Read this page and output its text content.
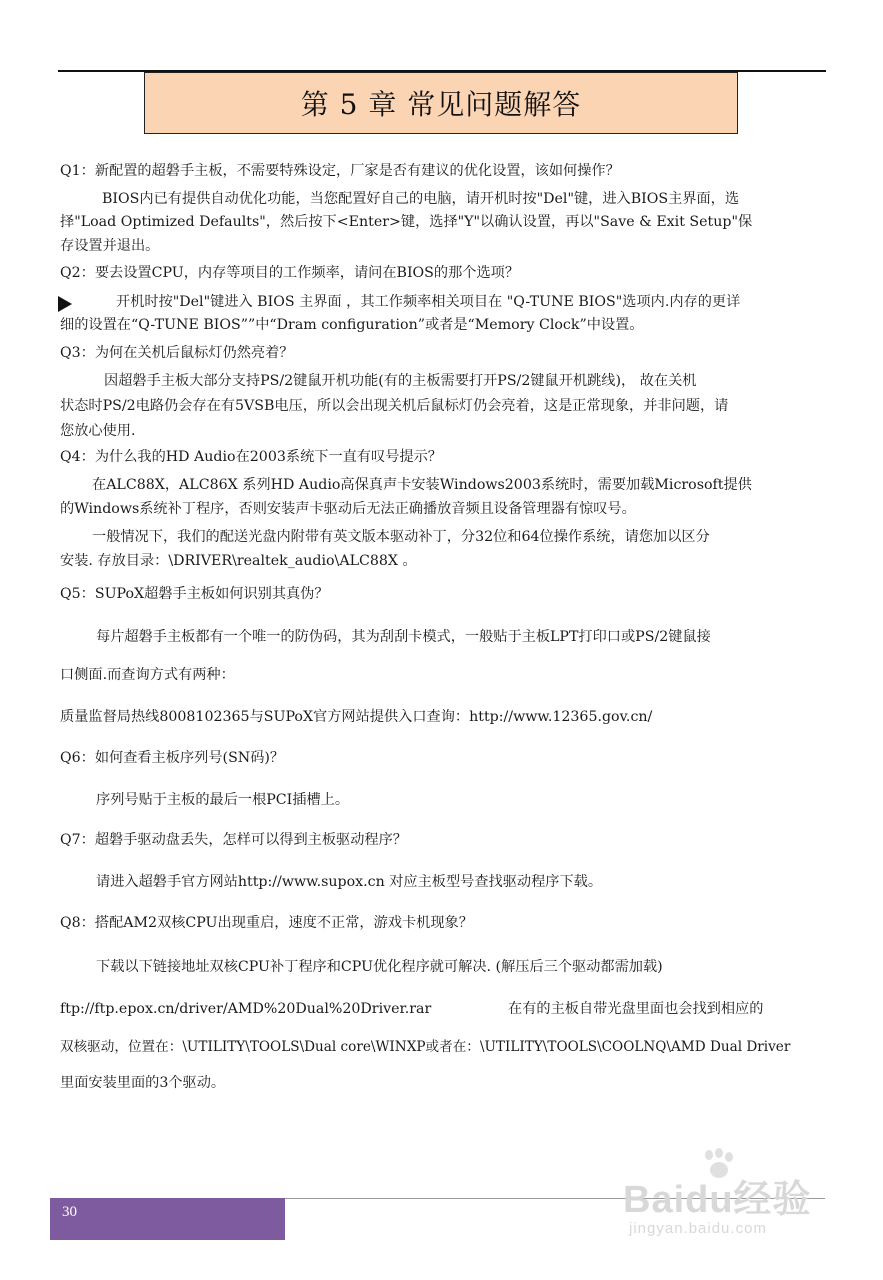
第 5 章 常见问题解答
Q1：新配置的超磐手主板，不需要特殊设定，厂家是否有建议的优化设置，该如何操作？
BIOS内已有提供自动优化功能，当您配置好自己的电脑，请开机时按"Del"键，进入BIOS主界面，选
择"Load Optimized Defaults"，然后按下<Enter>键，选择"Y"以确认设置，再以"Save & Exit Setup"保
存设置并退出。
Q2：要去设置CPU，内存等项目的工作频率，请问在BIOS的那个选项？
开机时按"Del"键进入 BIOS 主界面 ，其工作频率相关项目在 "Q-TUNE BIOS"选项内.内存的更详
细的设置在“Q-TUNE BIOS””中“Dram configuration”或者是“Memory Clock”中设置。
Q3：为何在关机后鼠标灯仍然亮着？
因超磐手主板大部分支持PS/2键鼠开机功能(有的主板需要打开PS/2键鼠开机跳线)， 故在关机
状态时PS/2电路仍会存在有5VSB电压，所以会出现关机后鼠标灯仍会亮着，这是正常现象，并非问题，请
您放心使用.
Q4：为什么我的HD Audio在2003系统下一直有叹号提示？
在ALC88X，ALC86X 系列HD Audio高保真声卡安装Windows2003系统时，需要加载Microsoft提供
的Windows系统补丁程序，否则安装声卡驱动后无法正确播放音频且设备管理器有惊叹号。
一般情况下，我们的配送光盘内附带有英文版本驱动补丁，分32位和64位操作系统，请您加以区分
安装. 存放目录：\DRIVER\realtek_audio\ALC88X 。
Q5：SUPoX超磐手主板如何识别其真伪？
每片超磐手主板都有一个唯一的防伪码，其为刮刮卡模式，一般贴于主板LPT打印口或PS/2键鼠接
口侧面.而查询方式有两种：
质量监督局热线8008102365与SUPoX官方网站提供入口查询：http://www.12365.gov.cn/
Q6：如何查看主板序列号(SN码)？
序列号贴于主板的最后一根PCI插槽上。
Q7：超磐手驱动盘丢失，怎样可以得到主板驱动程序？
请进入超磐手官方网站http://www.supox.cn 对应主板型号查找驱动程序下载。
Q8：搭配AM2双核CPU出现重启，速度不正常，游戏卡机现象？
下载以下链接地址双核CPU补丁程序和CPU优化程序就可解决. (解压后三个驱动都需加载)
ftp://ftp.epox.cn/driver/AMD%20Dual%20Driver.rar	在有的主板自带光盘里面也会找到相应的
双核驱动，位置在：\UTILITY\TOOLS\Dual core\WINXP或者在：\UTILITY\TOOLS\COOLNQ\AMD Dual Driver
里面安装里面的3个驱动。
30	Baidu经验
jingyan.baidu.com
